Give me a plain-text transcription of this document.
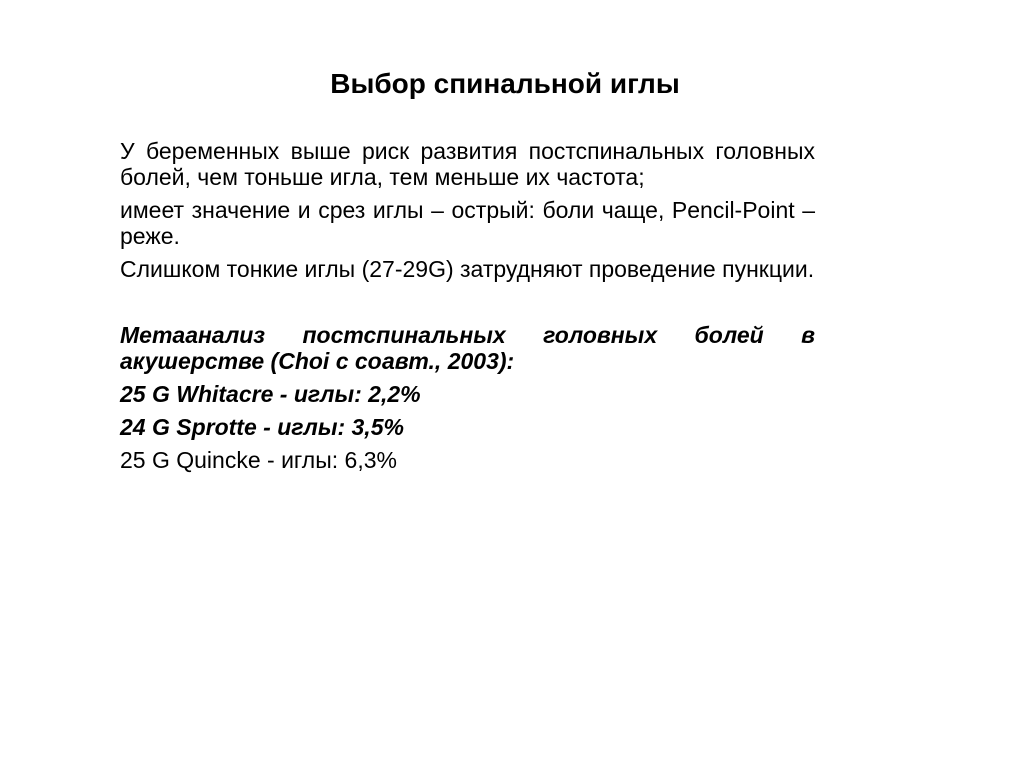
Выбор спинальной иглы

У беременных выше риск развития постспинальных головных болей, чем тоньше игла, тем меньше их частота;

имеет значение и срез иглы – острый: боли чаще, Pencil-Point – реже.

Слишком тонкие иглы (27-29G) затрудняют проведение пункции.

Метаанализ постспинальных головных болей в акушерстве (Choi с соавт., 2003):

25 G Whitacre - иглы: 2,2%

24 G Sprotte - иглы: 3,5%

25 G Quincke - иглы: 6,3%
